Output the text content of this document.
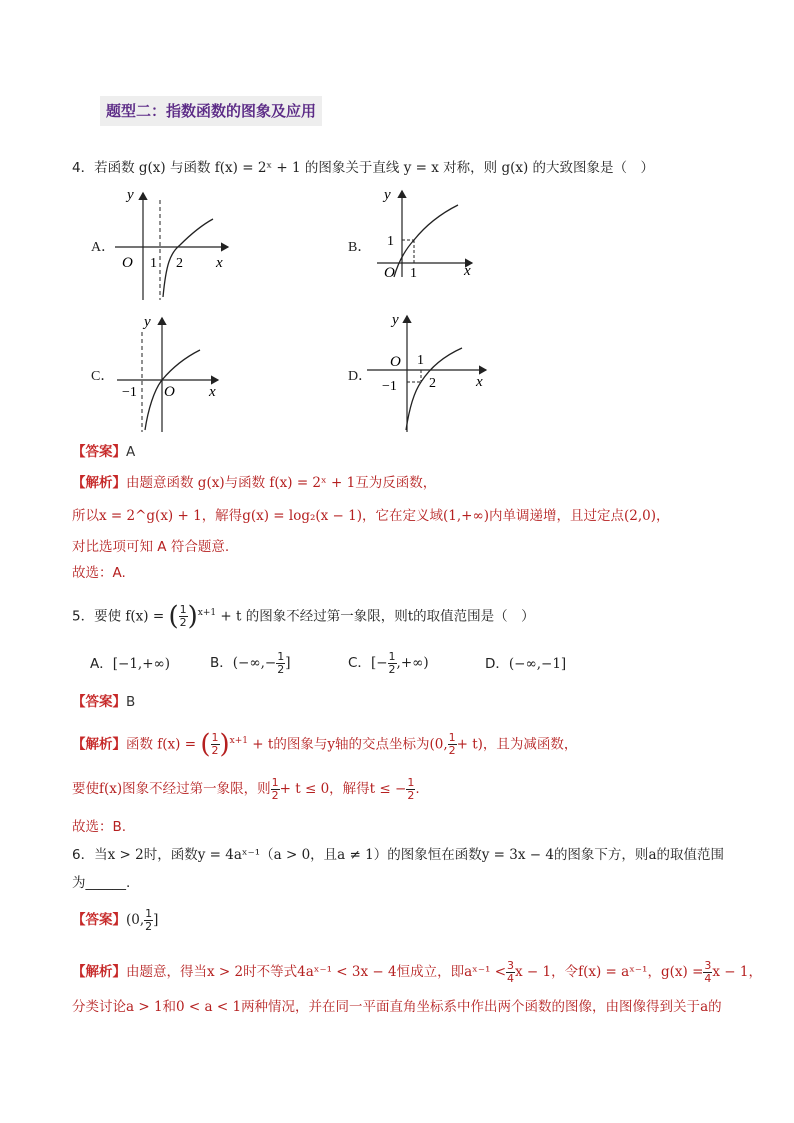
题型二：指数函数的图象及应用
4．若函数 g(x) 与函数 f(x) = 2ˣ + 1 的图象关于直线 y = x 对称，则 g(x) 的大致图象是（　）
A．	B．
C．	D．
y
x
O 1 2
y
x
O
1
1
y
x
O
−1
y
x
O 1
2
−1
【答案】A
【解析】由题意函数 g(x)与函数 f(x) = 2ˣ + 1互为反函数，
所以x = 2^g(x) + 1，解得g(x) = log₂(x − 1)，它在定义域(1,+∞)内单调递增，且过定点(2,0)，
对比选项可知 A 符合题意.
故选：A.
5．要使 f(x) = ( $\frac{1}{2} )^{x+1} + t$ 的图象不经过第一象限，则t的取值范围是（　）
A．[−1,+∞)	B．(−∞,− $\frac{1}{2}$ ]	C．[− $\frac{1}{2}$ ,+∞)	D．(−∞,−1]
【答案】B
【解析】函数 f(x) = ( $\frac{1}{2} )^{x+1} + t$的图象与y轴的交点坐标为(0, $\frac{1}{2} + t$)，且为减函数，
要使f(x)图象不经过第一象限，则 $\frac{1}{2} + t \le 0$，解得t ≤ − $\frac{1}{2}$ .
故选：B.
6．当x > 2时，函数y = 4aˣ⁻¹（a > 0，且a ≠ 1）的图象恒在函数y = 3x − 4的图象下方，则a的取值范围
为______.
【答案】(0, $\frac{1}{2}$ ]
【解析】由题意，得当x > 2时不等式4aˣ⁻¹ < 3x − 4恒成立，即aˣ⁻¹ < $\frac{3}{4}$ x − 1，令f(x) = aˣ⁻¹，$g(x) = \frac{3}{4}$ x − 1，
分类讨论a > 1和0 < a < 1两种情况，并在同一平面直角坐标系中作出两个函数的图像，由图像得到关于a的
